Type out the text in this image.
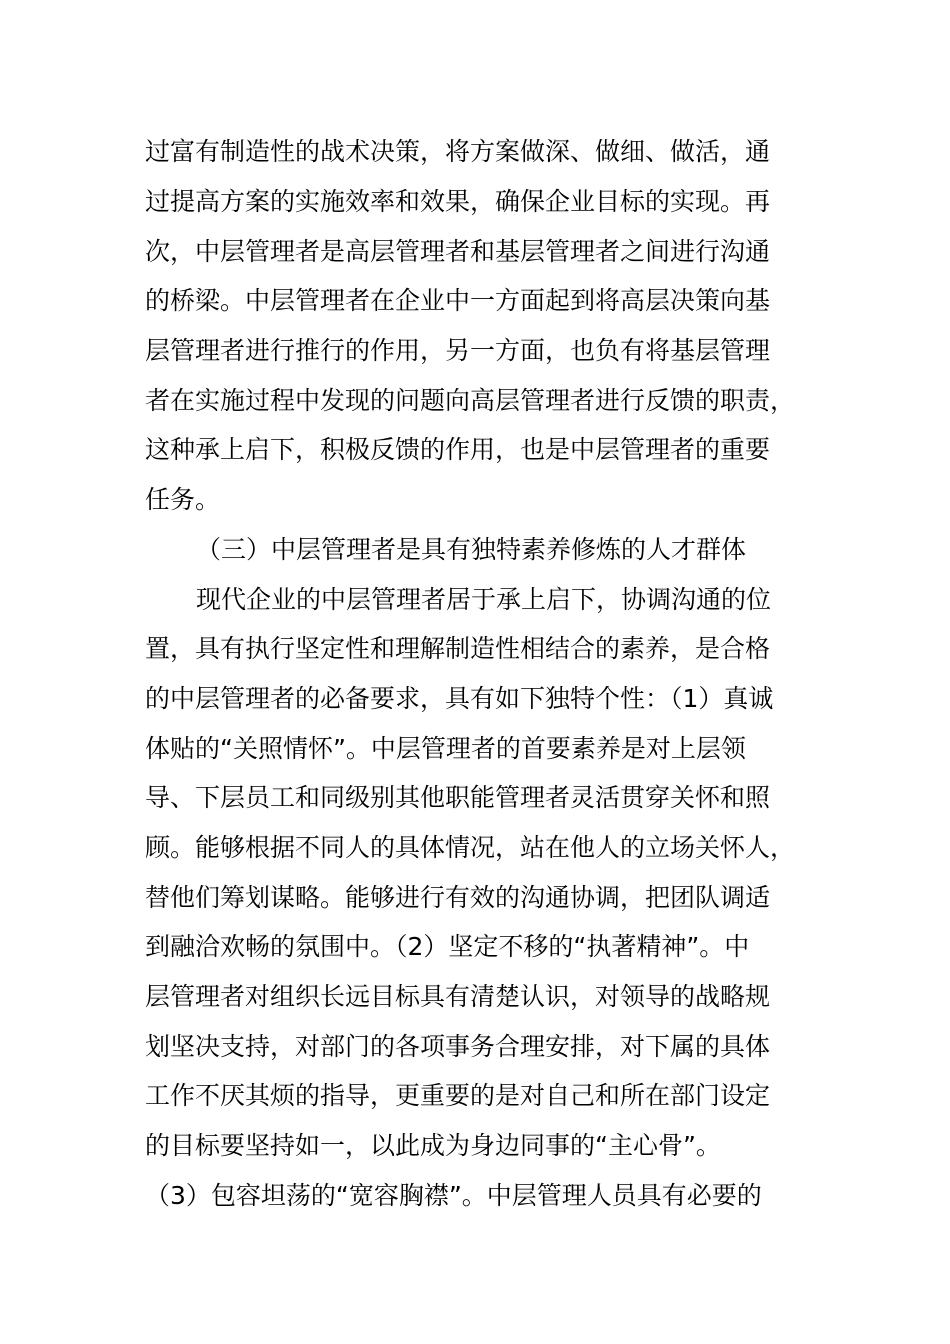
过富有制造性的战术决策，将方案做深、做细、做活，通
过提高方案的实施效率和效果，确保企业目标的实现。再
次，中层管理者是高层管理者和基层管理者之间进行沟通
的桥梁。中层管理者在企业中一方面起到将高层决策向基
层管理者进行推行的作用，另一方面，也负有将基层管理
者在实施过程中发现的问题向高层管理者进行反馈的职责，
这种承上启下，积极反馈的作用，也是中层管理者的重要
任务。
（三）中层管理者是具有独特素养修炼的人才群体
现代企业的中层管理者居于承上启下，协调沟通的位
置，具有执行坚定性和理解制造性相结合的素养，是合格
的中层管理者的必备要求，具有如下独特个性：（1）真诚
体贴的“关照情怀”。中层管理者的首要素养是对上层领
导、下层员工和同级别其他职能管理者灵活贯穿关怀和照
顾。能够根据不同人的具体情况，站在他人的立场关怀人，
替他们筹划谋略。能够进行有效的沟通协调，把团队调适
到融洽欢畅的氛围中。（2）坚定不移的“执著精神”。中
层管理者对组织长远目标具有清楚认识，对领导的战略规
划坚决支持，对部门的各项事务合理安排，对下属的具体
工作不厌其烦的指导，更重要的是对自己和所在部门设定
的目标要坚持如一，以此成为身边同事的“主心骨”。
（3）包容坦荡的“宽容胸襟”。中层管理人员具有必要的
